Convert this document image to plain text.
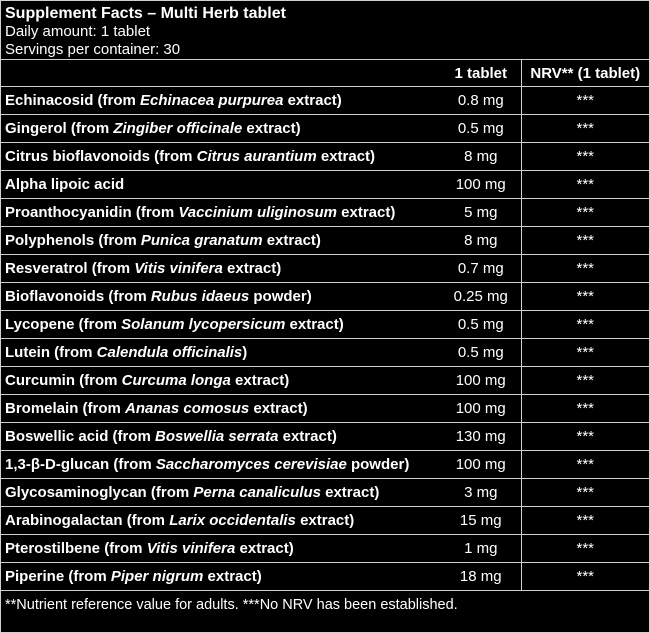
Supplement Facts – Multi Herb tablet
Daily amount: 1 tablet
Servings per container: 30
	1 tablet	NRV** (1 tablet)
Echinacosid (from Echinacea purpurea extract)	0.8 mg	***
Gingerol (from Zingiber officinale extract)	0.5 mg	***
Citrus bioflavonoids (from Citrus aurantium extract)	8 mg	***
Alpha lipoic acid	100 mg	***
Proanthocyanidin (from Vaccinium uliginosum extract)	5 mg	***
Polyphenols (from Punica granatum extract)	8 mg	***
Resveratrol (from Vitis vinifera extract)	0.7 mg	***
Bioflavonoids (from Rubus idaeus powder)	0.25 mg	***
Lycopene (from Solanum lycopersicum extract)	0.5 mg	***
Lutein (from Calendula officinalis)	0.5 mg	***
Curcumin (from Curcuma longa extract)	100 mg	***
Bromelain (from Ananas comosus extract)	100 mg	***
Boswellic acid (from Boswellia serrata extract)	130 mg	***
1,3-β-D-glucan (from Saccharomyces cerevisiae powder)	100 mg	***
Glycosaminoglycan (from Perna canaliculus extract)	3 mg	***
Arabinogalactan (from Larix occidentalis extract)	15 mg	***
Pterostilbene (from Vitis vinifera extract)	1 mg	***
Piperine (from Piper nigrum extract)	18 mg	***
**Nutrient reference value for adults. ***No NRV has been established.
